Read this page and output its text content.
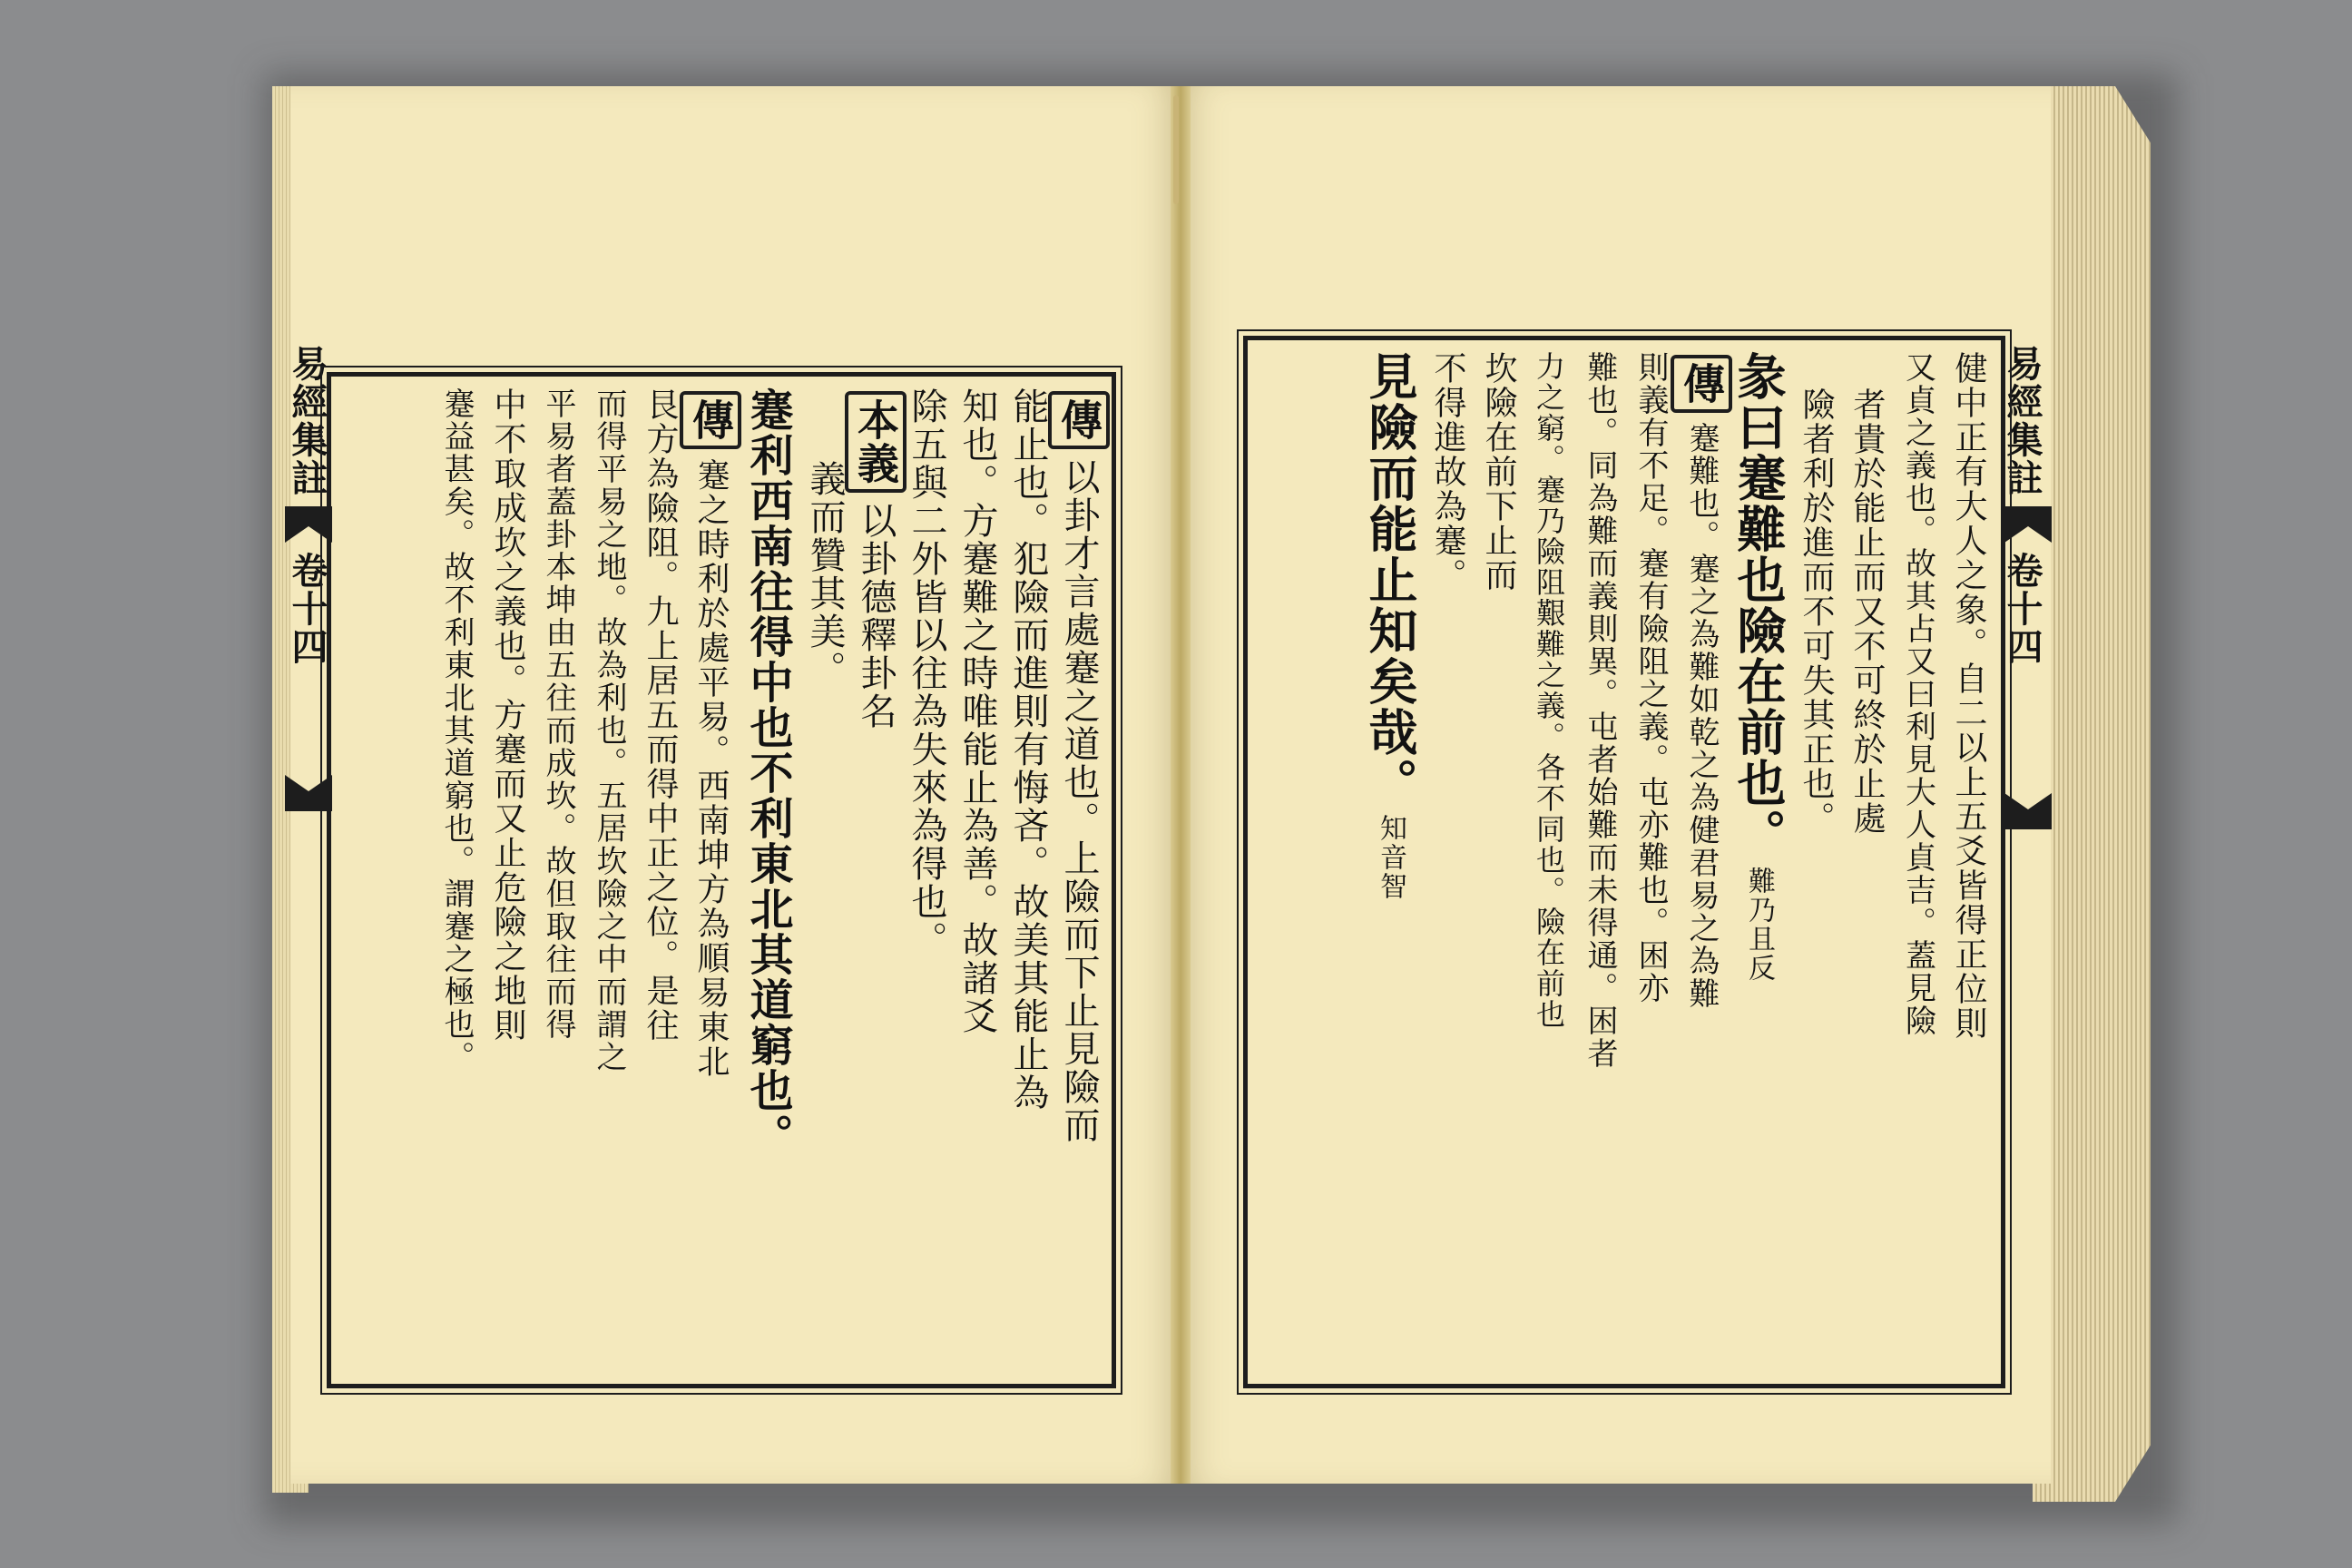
易經集註
卷十四
易經集註
卷十四
傳
以卦才言處蹇之道也。上險而下止見險而
能止也。犯險而進則有悔吝。故美其能止為
知也。方蹇難之時唯能止為善。故諸爻
除五與二外皆以往為失來為得也。
本義
以卦德釋卦名
義而贊其美。
蹇利西南往得中也不利東北其道窮也。
傳
蹇之時利於處平易。西南坤方為順易東北
艮方為險阻。九上居五而得中正之位。是往
而得平易之地。故為利也。五居坎險之中而謂之
平易者蓋卦本坤由五往而成坎。故但取往而得
中不取成坎之義也。方蹇而又止危險之地則
蹇益甚矣。故不利東北其道窮也。謂蹇之極也。	健中正有大人之象。自二以上五爻皆得正位則
又貞之義也。故其占又曰利見大人貞吉。蓋見險
者貴於能止而又不可終於止處
險者利於進而不可失其正也。
彖曰蹇難也險在前也。
難乃且反
傳
蹇難也。蹇之為難如乾之為健君易之為難
則義有不足。蹇有險阻之義。屯亦難也。困亦
難也。同為難而義則異。屯者始難而未得通。困者
力之窮。蹇乃險阻艱難之義。各不同也。險在前也
坎險在前下止而
不得進故為蹇。
見險而能止知矣哉。
知音智
